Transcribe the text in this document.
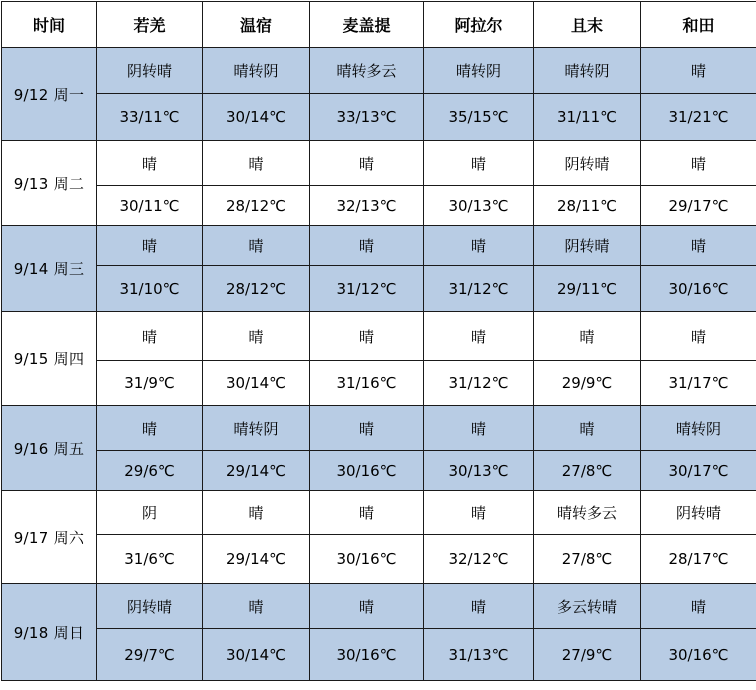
时间	若羌	温宿	麦盖提	阿拉尔	且末	和田
9/12 周一	阴转晴	晴转阴	晴转多云	晴转阴	晴转阴	晴
	33/11℃	30/14℃	33/13℃	35/15℃	31/11℃	31/21℃
9/13 周二	晴	晴	晴	晴	阴转晴	晴
	30/11℃	28/12℃	32/13℃	30/13℃	28/11℃	29/17℃
9/14 周三	晴	晴	晴	晴	阴转晴	晴
	31/10℃	28/12℃	31/12℃	31/12℃	29/11℃	30/16℃
9/15 周四	晴	晴	晴	晴	晴	晴
	31/9℃	30/14℃	31/16℃	31/12℃	29/9℃	31/17℃
9/16 周五	晴	晴转阴	晴	晴	晴	晴转阴
	29/6℃	29/14℃	30/16℃	30/13℃	27/8℃	30/17℃
9/17 周六	阴	晴	晴	晴	晴转多云	阴转晴
	31/6℃	29/14℃	30/16℃	32/12℃	27/8℃	28/17℃
9/18 周日	阴转晴	晴	晴	晴	多云转晴	晴
	29/7℃	30/14℃	30/16℃	31/13℃	27/9℃	30/16℃
